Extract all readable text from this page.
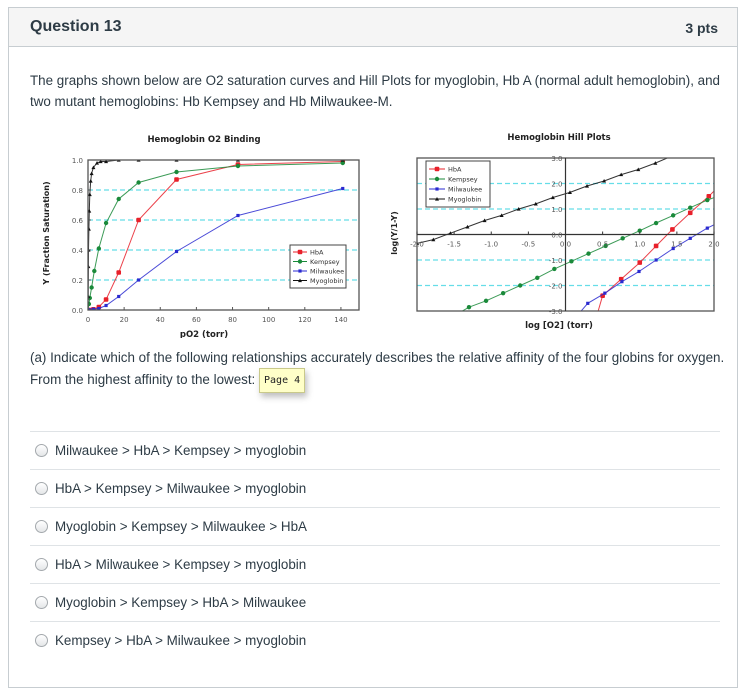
Question 13	3 pts
The graphs shown below are O2 saturation curves and Hill Plots for myoglobin, Hb A (normal adult hemoglobin), and two mutant hemoglobins: Hb Kempsey and Hb Milwaukee-M.
Hemoglobin O2 Binding
0.0
0.2
0.4
0.6
0.8
1.0
0	20	40	60	80	100	120	140
HbA
Kempsey
Milwaukee
Myoglobin
pO2 (torr)
Y (Fraction Saturation)
Hemoglobin Hill Plots
-3.0
-2.0
-1.0
0.0
1.0
2.0
3.0
-2.0	-1.5	-1.0	-0.5	0.0	0.5	1.0	1.5	2.0
HbA
Kempsey
Milwaukee
Myoglobin
log [O2] (torr)
log(Y/1-Y)
(a) Indicate which of the following relationships accurately describes the relative affinity of the four globins for oxygen. From the highest affinity to the lowest: Page 4
Milwaukee > HbA > Kempsey > myoglobin
HbA > Kempsey > Milwaukee > myoglobin
Myoglobin > Kempsey > Milwaukee > HbA
HbA > Milwaukee > Kempsey > myoglobin
Myoglobin > Kempsey > HbA > Milwaukee
Kempsey > HbA > Milwaukee > myoglobin
